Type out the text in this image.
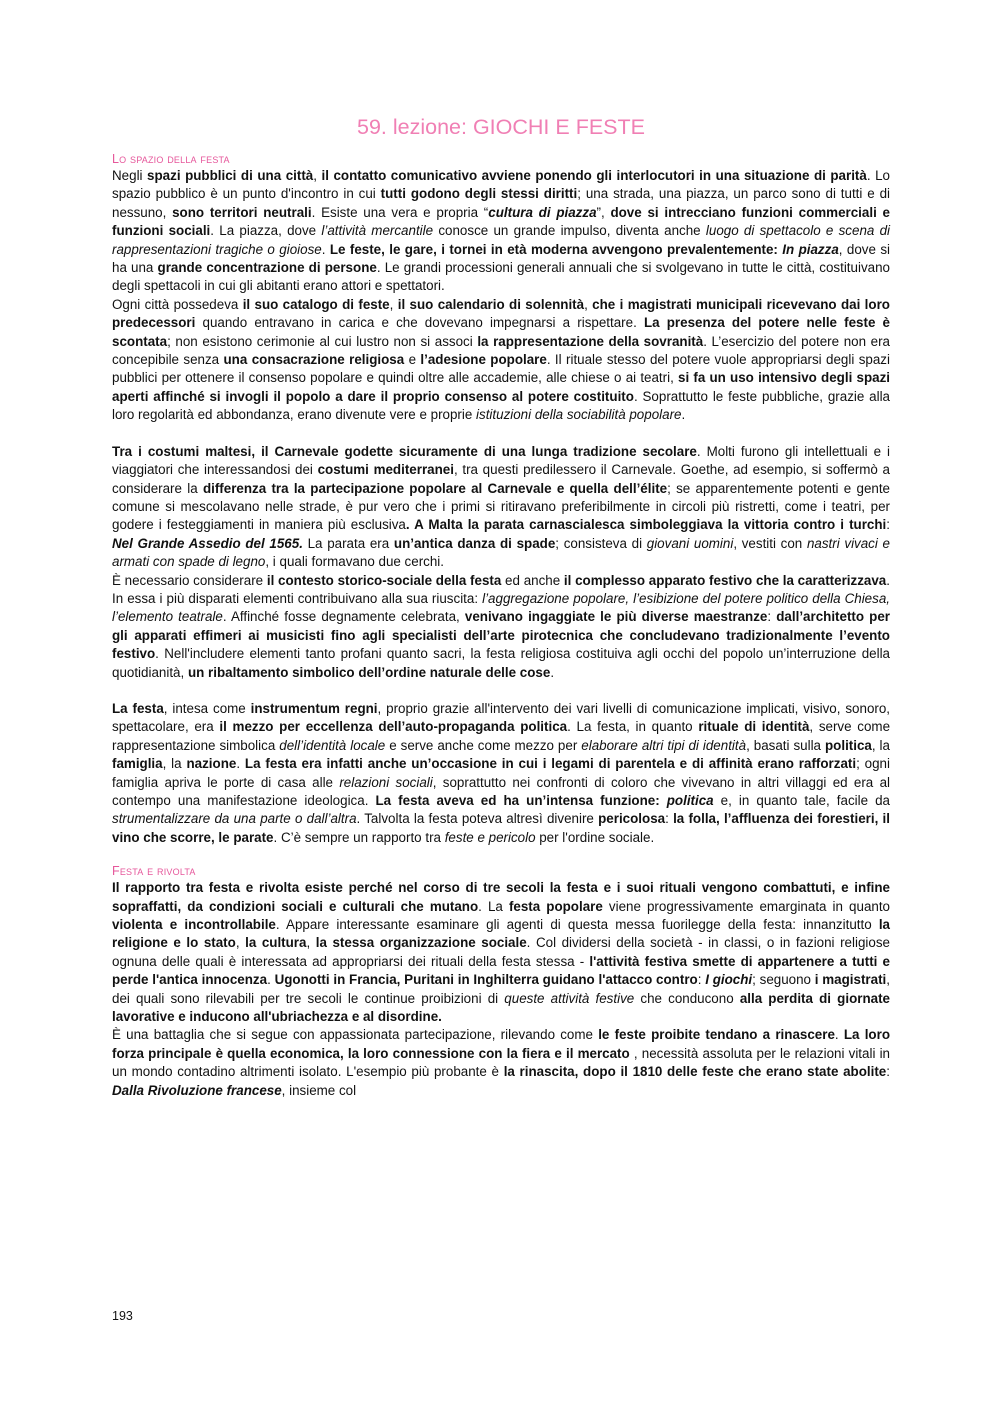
59. lezione: GIOCHI E FESTE
Lo spazio della festa

Negli spazi pubblici di una città, il contatto comunicativo avviene ponendo gli interlocutori in una situazione di parità. Lo spazio pubblico è un punto d'incontro in cui tutti godono degli stessi diritti; una strada, una piazza, un parco sono di tutti e di nessuno, sono territori neutrali. Esiste una vera e propria “cultura di piazza”, dove si intrecciano funzioni commerciali e funzioni sociali. La piazza, dove l’attività mercantile conosce un grande impulso, diventa anche luogo di spettacolo e scena di rappresentazioni tragiche o gioiose. Le feste, le gare, i tornei in età moderna avvengono prevalentemente: In piazza, dove si ha una grande concentrazione di persone. Le grandi processioni generali annuali che si svolgevano in tutte le città, costituivano degli spettacoli in cui gli abitanti erano attori e spettatori.

Ogni città possedeva il suo catalogo di feste, il suo calendario di solennità, che i magistrati municipali ricevevano dai loro predecessori quando entravano in carica e che dovevano impegnarsi a rispettare. La presenza del potere nelle feste è scontata; non esistono cerimonie al cui lustro non si associ la rappresentazione della sovranità. L’esercizio del potere non era concepibile senza una consacrazione religiosa e l’adesione popolare. Il rituale stesso del potere vuole appropriarsi degli spazi pubblici per ottenere il consenso popolare e quindi oltre alle accademie, alle chiese o ai teatri, si fa un uso intensivo degli spazi aperti affinché si invogli il popolo a dare il proprio consenso al potere costituito. Soprattutto le feste pubbliche, grazie alla loro regolarità ed abbondanza, erano divenute vere e proprie istituzioni della sociabilità popolare.

Tra i costumi maltesi, il Carnevale godette sicuramente di una lunga tradizione secolare. Molti furono gli intellettuali e i viaggiatori che interessandosi dei costumi mediterranei, tra questi predilessero il Carnevale. Goethe, ad esempio, si soffermò a considerare la differenza tra la partecipazione popolare al Carnevale e quella dell’élite; se apparentemente potenti e gente comune si mescolavano nelle strade, è pur vero che i primi si ritiravano preferibilmente in circoli più ristretti, come i teatri, per godere i festeggiamenti in maniera più esclusiva. A Malta la parata carnascialesca simboleggiava la vittoria contro i turchi: Nel Grande Assedio del 1565. La parata era un’antica danza di spade; consisteva di giovani uomini, vestiti con nastri vivaci e armati con spade di legno, i quali formavano due cerchi.

È necessario considerare il contesto storico-sociale della festa ed anche il complesso apparato festivo che la caratterizzava. In essa i più disparati elementi contribuivano alla sua riuscita: l’aggregazione popolare, l’esibizione del potere politico della Chiesa, l’elemento teatrale. Affinché fosse degnamente celebrata, venivano ingaggiate le più diverse maestranze: dall’architetto per gli apparati effimeri ai musicisti fino agli specialisti dell’arte pirotecnica che concludevano tradizionalmente l’evento festivo. Nell'includere elementi tanto profani quanto sacri, la festa religiosa costituiva agli occhi del popolo un’interruzione della quotidianità, un ribaltamento simbolico dell’ordine naturale delle cose.

La festa, intesa come instrumentum regni, proprio grazie all'intervento dei vari livelli di comunicazione implicati, visivo, sonoro, spettacolare, era il mezzo per eccellenza dell’auto-propaganda politica. La festa, in quanto rituale di identità, serve come rappresentazione simbolica dell’identità locale e serve anche come mezzo per elaborare altri tipi di identità, basati sulla politica, la famiglia, la nazione. La festa era infatti anche un’occasione in cui i legami di parentela e di affinità erano rafforzati; ogni famiglia apriva le porte di casa alle relazioni sociali, soprattutto nei confronti di coloro che vivevano in altri villaggi ed era al contempo una manifestazione ideologica. La festa aveva ed ha un’intensa funzione: politica e, in quanto tale, facile da strumentalizzare da una parte o dall’altra. Talvolta la festa poteva altresì divenire pericolosa: la folla, l’affluenza dei forestieri, il vino che scorre, le parate. C’è sempre un rapporto tra feste e pericolo per l'ordine sociale.

Festa e rivolta

Il rapporto tra festa e rivolta esiste perché nel corso di tre secoli la festa e i suoi rituali vengono combattuti, e infine sopraffatti, da condizioni sociali e culturali che mutano. La festa popolare viene progressivamente emarginata in quanto violenta e incontrollabile. Appare interessante esaminare gli agenti di questa messa fuorilegge della festa: innanzitutto la religione e lo stato, la cultura, la stessa organizzazione sociale. Col dividersi della società - in classi, o in fazioni religiose ognuna delle quali è interessata ad appropriarsi dei rituali della festa stessa - l'attività festiva smette di appartenere a tutti e perde l'antica innocenza. Ugonotti in Francia, Puritani in Inghilterra guidano l'attacco contro: I giochi; seguono i magistrati, dei quali sono rilevabili per tre secoli le continue proibizioni di queste attività festive che conducono alla perdita di giornate lavorative e inducono all'ubriachezza e al disordine.

È una battaglia che si segue con appassionata partecipazione, rilevando come le feste proibite tendano a rinascere. La loro forza principale è quella economica, la loro connessione con la fiera e il mercato , necessità assoluta per le relazioni vitali in un mondo contadino altrimenti isolato. L'esempio più probante è la rinascita, dopo il 1810 delle feste che erano state abolite: Dalla Rivoluzione francese, insieme col

193
